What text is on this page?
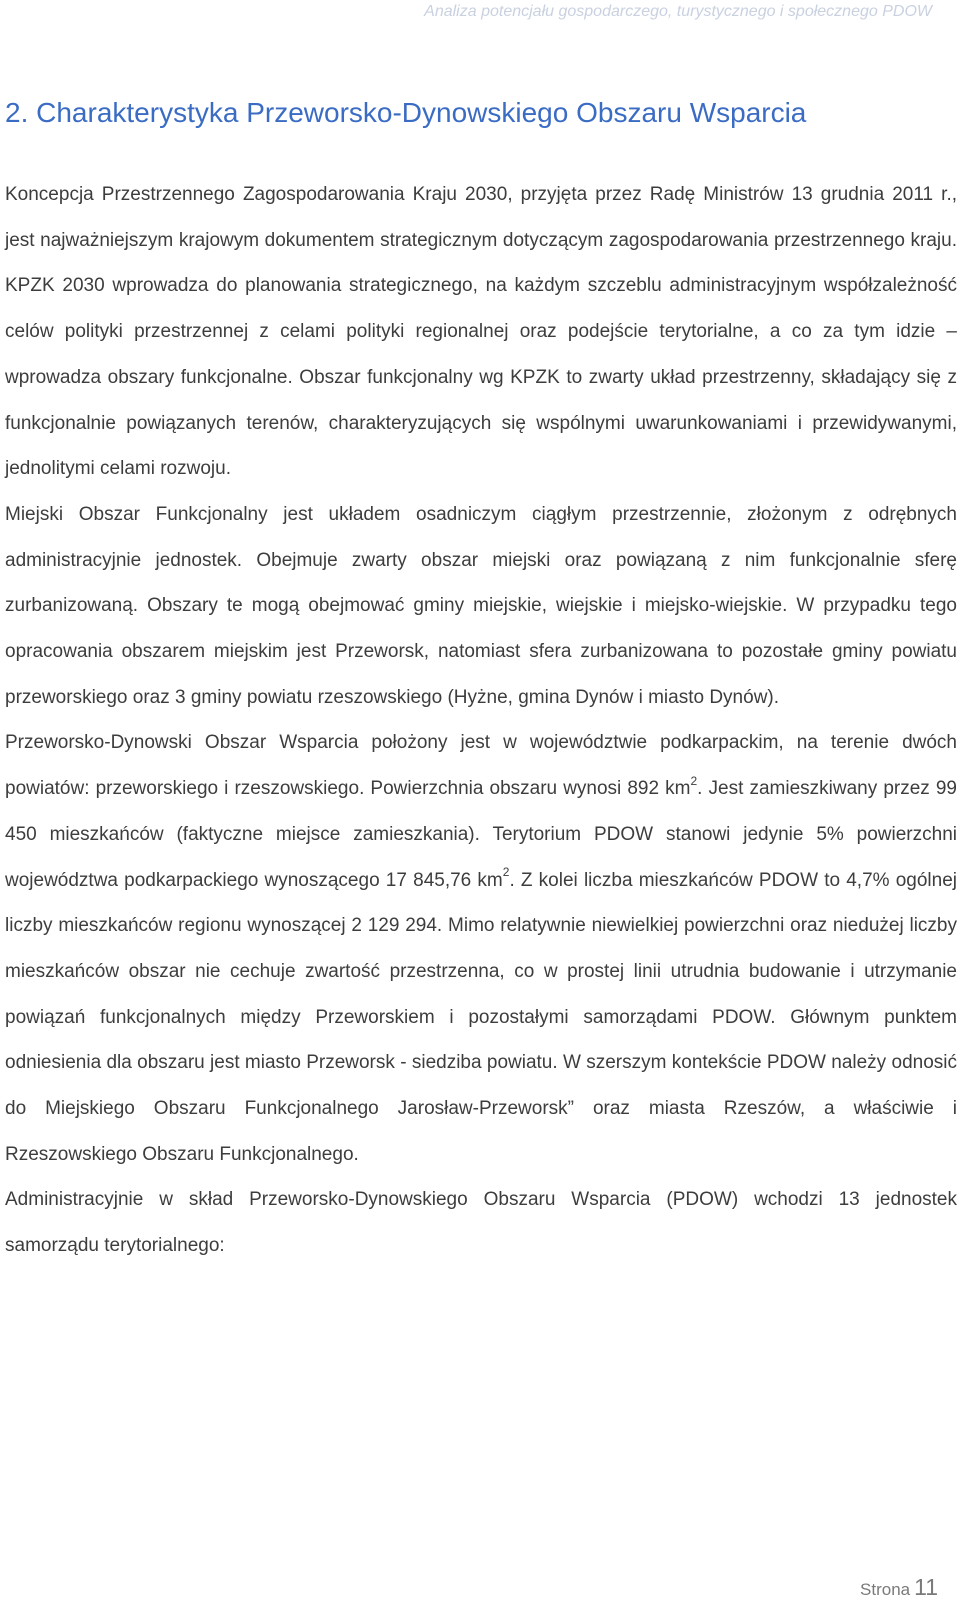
Analiza potencjału gospodarczego, turystycznego i społecznego PDOW
2. Charakterystyka Przeworsko-Dynowskiego Obszaru Wsparcia

Koncepcja Przestrzennego Zagospodarowania Kraju 2030, przyjęta przez Radę Ministrów 13 grudnia 2011 r., jest najważniejszym krajowym dokumentem strategicznym dotyczącym zagospodarowania przestrzennego kraju. KPZK 2030 wprowadza do planowania strategicznego, na każdym szczeblu administracyjnym współzależność celów polityki przestrzennej z celami polityki regionalnej oraz podejście terytorialne, a co za tym idzie – wprowadza obszary funkcjonalne. Obszar funkcjonalny wg KPZK to zwarty układ przestrzenny, składający się z funkcjonalnie powiązanych terenów, charakteryzujących się wspólnymi uwarunkowaniami i przewidywanymi, jednolitymi celami rozwoju.

Miejski Obszar Funkcjonalny jest układem osadniczym ciągłym przestrzennie, złożonym z odrębnych administracyjnie jednostek. Obejmuje zwarty obszar miejski oraz powiązaną z nim funkcjonalnie sferę zurbanizowaną. Obszary te mogą obejmować gminy miejskie, wiejskie i miejsko-wiejskie. W przypadku tego opracowania obszarem miejskim jest Przeworsk, natomiast sfera zurbanizowana to pozostałe gminy powiatu przeworskiego oraz 3 gminy powiatu rzeszowskiego (Hyżne, gmina Dynów i miasto Dynów).

Przeworsko-Dynowski Obszar Wsparcia położony jest w województwie podkarpackim, na terenie dwóch powiatów: przeworskiego i rzeszowskiego. Powierzchnia obszaru wynosi 892 $km^2$. Jest zamieszkiwany przez 99 450 mieszkańców (faktyczne miejsce zamieszkania). Terytorium PDOW stanowi jedynie 5% powierzchni województwa podkarpackiego wynoszącego 17 845,76 $km^2$. Z kolei liczba mieszkańców PDOW to 4,7% ogólnej liczby mieszkańców regionu wynoszącej 2 129 294. Mimo relatywnie niewielkiej powierzchni oraz niedużej liczby mieszkańców obszar nie cechuje zwartość przestrzenna, co w prostej linii utrudnia budowanie i utrzymanie powiązań funkcjonalnych między Przeworskiem i pozostałymi samorządami PDOW. Głównym punktem odniesienia dla obszaru jest miasto Przeworsk - siedziba powiatu. W szerszym kontekście PDOW należy odnosić do Miejskiego Obszaru Funkcjonalnego Jarosław-Przeworsk” oraz miasta Rzeszów, a właściwie i Rzeszowskiego Obszaru Funkcjonalnego.

Administracyjnie w skład Przeworsko-Dynowskiego Obszaru Wsparcia (PDOW) wchodzi 13 jednostek samorządu terytorialnego:

Strona 11
